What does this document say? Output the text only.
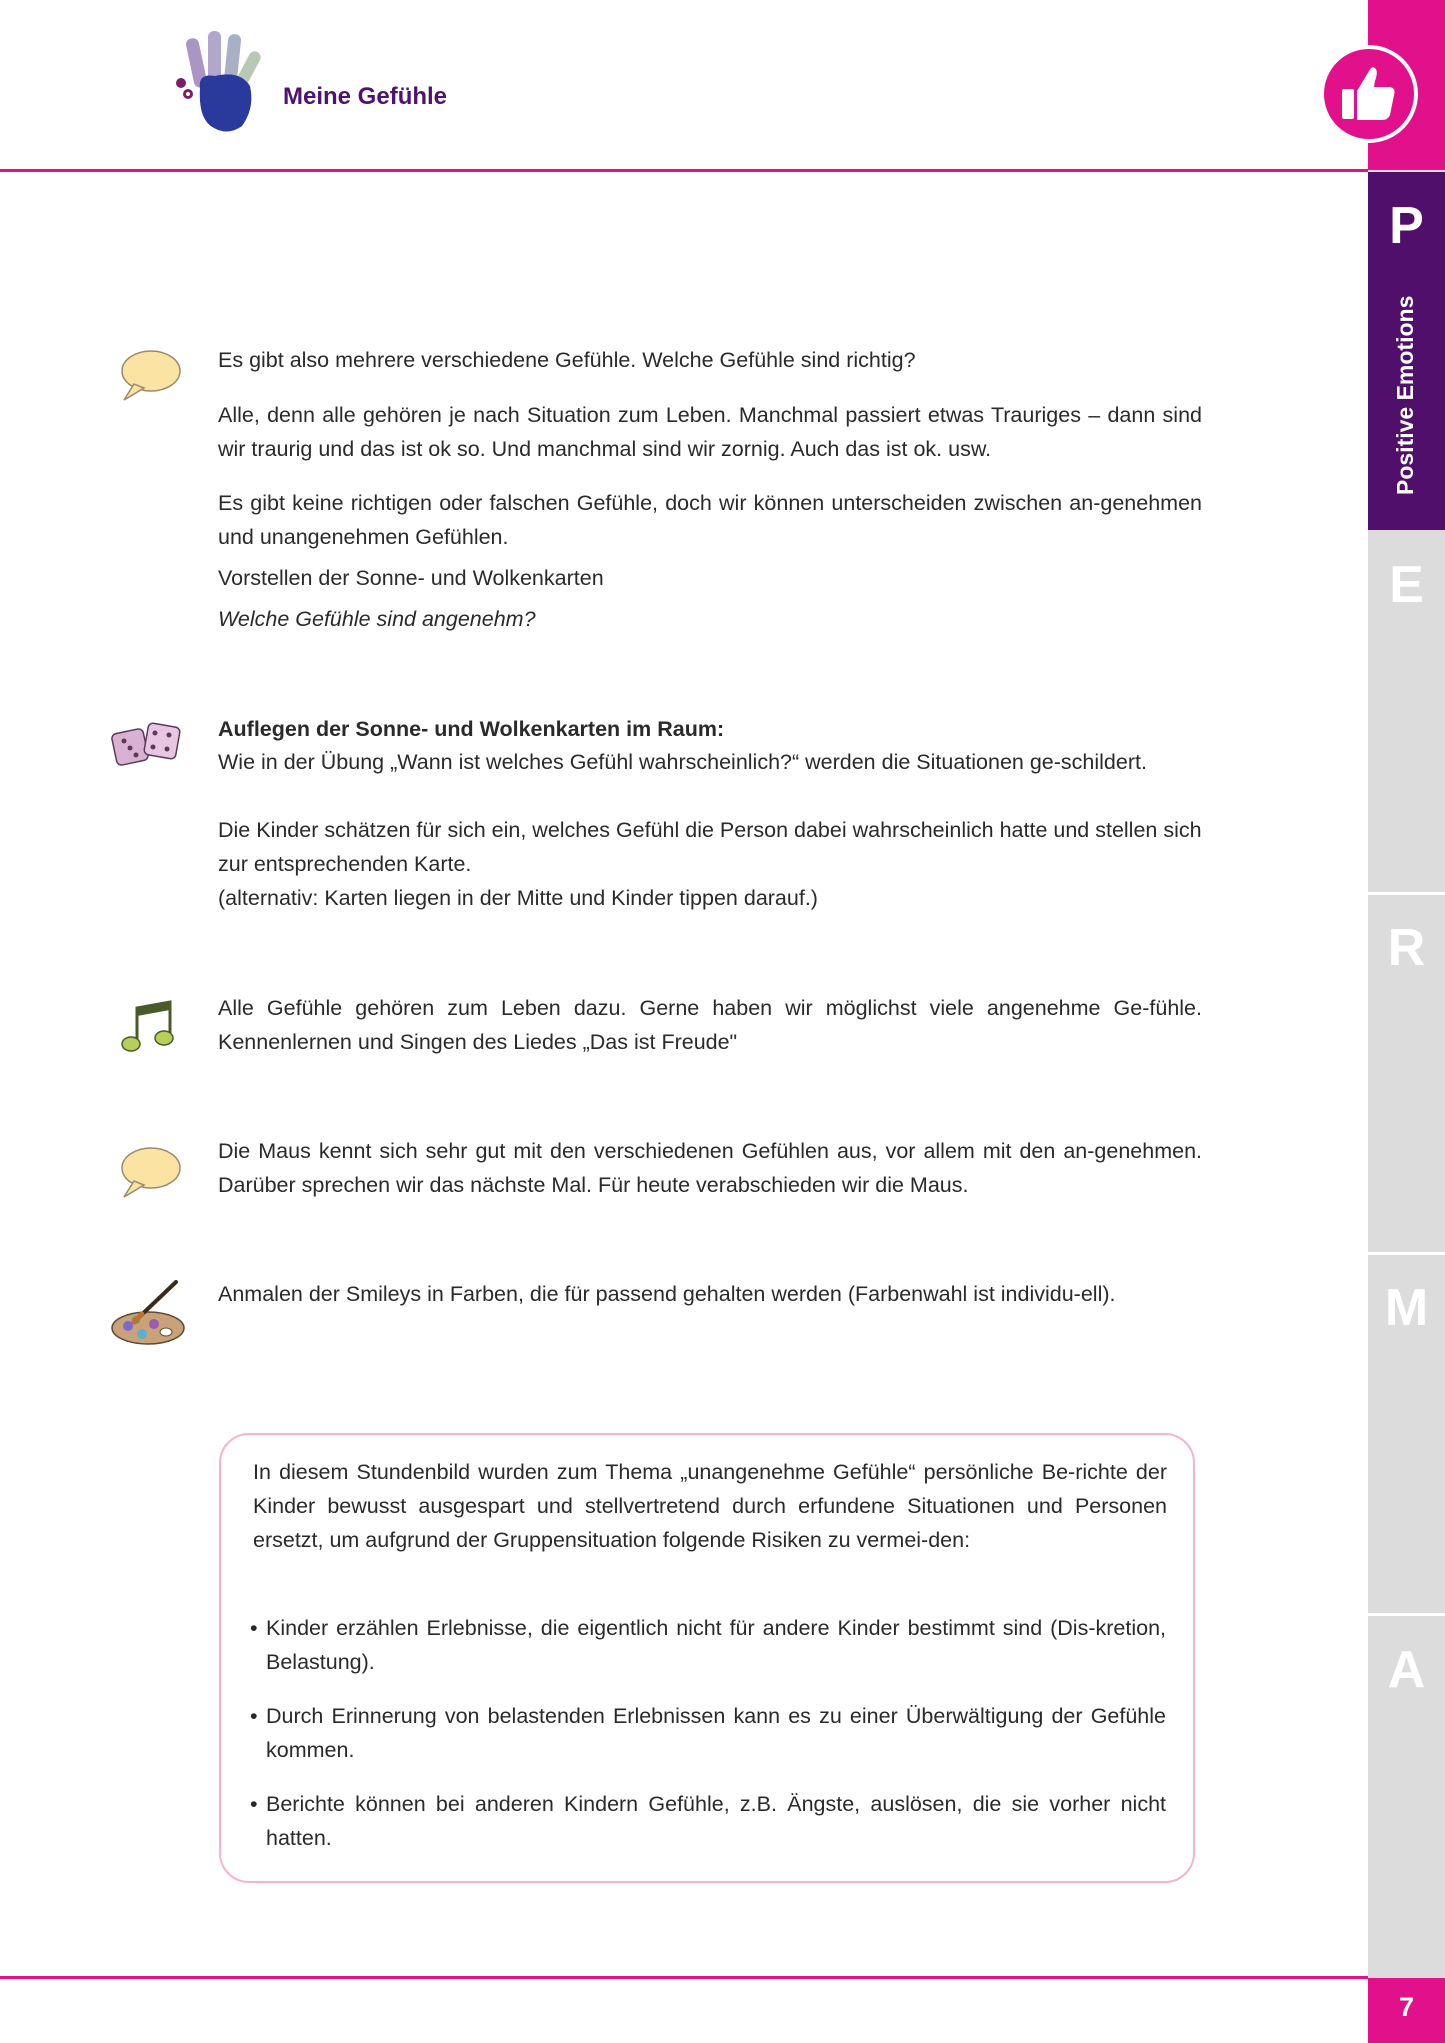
Meine Gefühle
P
E
R
M
A
7
Positive Emotions
Es gibt also mehrere verschiedene Gefühle. Welche Gefühle sind richtig?
Alle, denn alle gehören je nach Situation zum Leben. Manchmal passiert etwas Trauriges – dann sind wir traurig und das ist ok so. Und manchmal sind wir zornig. Auch das ist ok. usw.
Es gibt keine richtigen oder falschen Gefühle, doch wir können unterscheiden zwischen an-genehmen und unangenehmen Gefühlen.
Vorstellen der Sonne- und Wolkenkarten
Welche Gefühle sind angenehm?
Auflegen der Sonne- und Wolkenkarten im Raum:
Wie in der Übung „Wann ist welches Gefühl wahrscheinlich?“ werden die Situationen ge-schildert.
Die Kinder schätzen für sich ein, welches Gefühl die Person dabei wahrscheinlich hatte und stellen sich zur entsprechenden Karte.
(alternativ: Karten liegen in der Mitte und Kinder tippen darauf.)
Alle Gefühle gehören zum Leben dazu. Gerne haben wir möglichst viele angenehme Ge-fühle. Kennenlernen und Singen des Liedes „Das ist Freude"
Die Maus kennt sich sehr gut mit den verschiedenen Gefühlen aus, vor allem mit den an-genehmen. Darüber sprechen wir das nächste Mal. Für heute verabschieden wir die Maus.
Anmalen der Smileys in Farben, die für passend gehalten werden (Farbenwahl ist individu-ell).
In diesem Stundenbild wurden zum Thema „unangenehme Gefühle“ persönliche Be-richte der Kinder bewusst ausgespart und stellvertretend durch erfundene Situationen und Personen ersetzt, um aufgrund der Gruppensituation folgende Risiken zu vermei-den:
• Kinder erzählen Erlebnisse, die eigentlich nicht für andere Kinder bestimmt sind (Dis-kretion, Belastung).
• Durch Erinnerung von belastenden Erlebnissen kann es zu einer Überwältigung der Gefühle kommen.
• Berichte können bei anderen Kindern Gefühle, z.B. Ängste, auslösen, die sie vorher nicht hatten.
